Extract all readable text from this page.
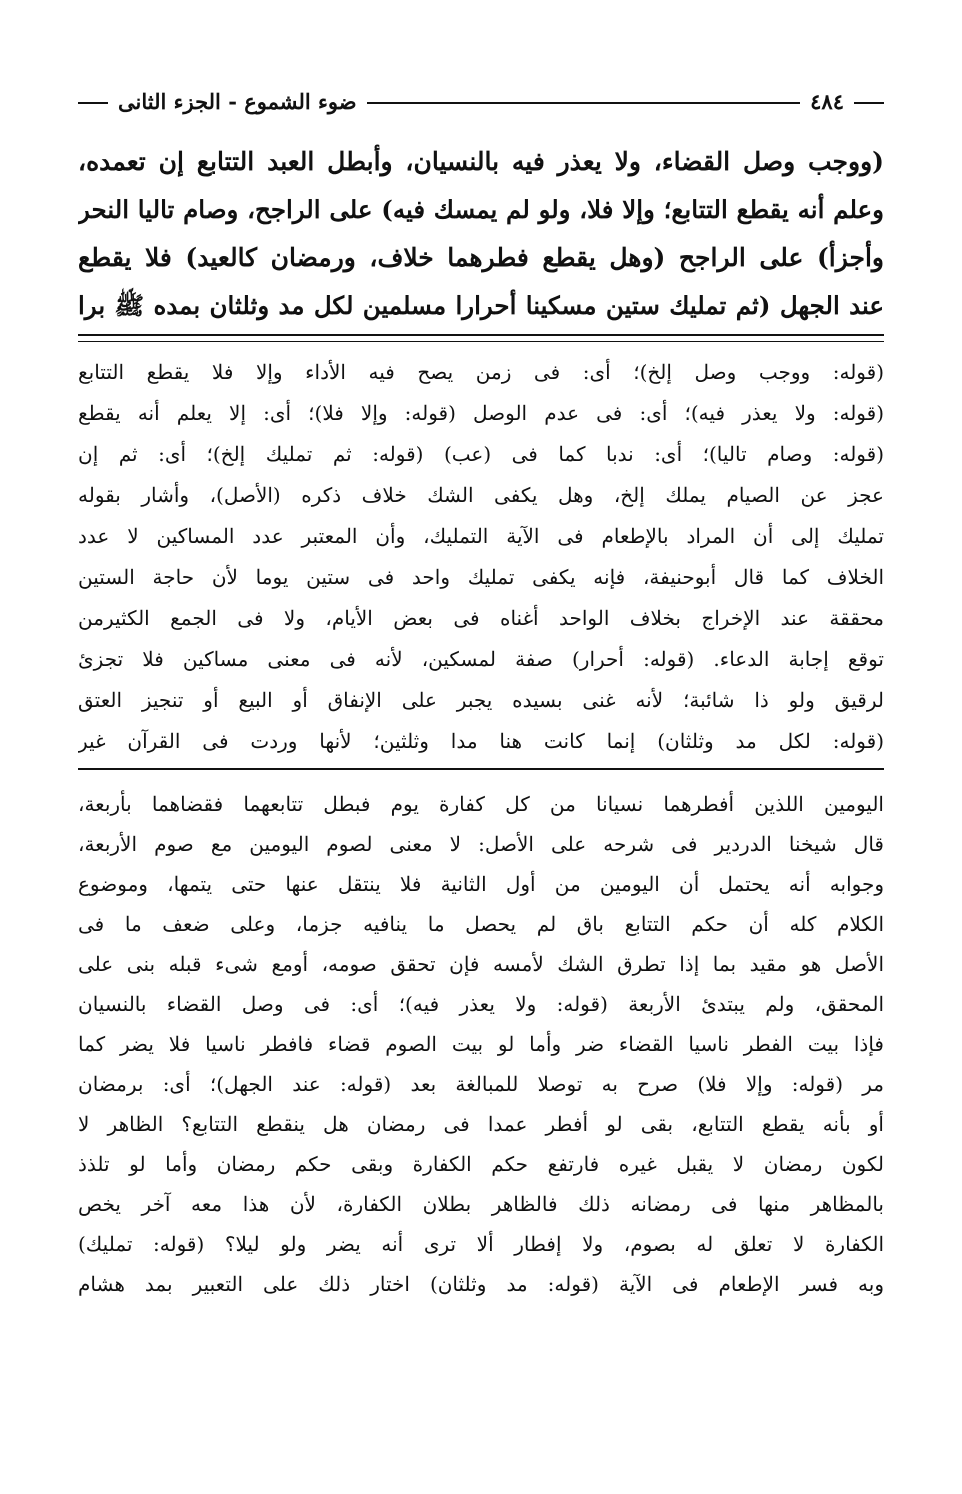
٤٨٤
ضوء الشموع - الجزء الثانى

(ووجب وصل القضاء، ولا يعذر فيه بالنسيان، وأبطل العبد التتابع إن تعمده،

وعلم أنه يقطع التتابع؛ وإلا فلا، ولو لم يمسك فيه) على الراجح، وصام تاليا النحر

وأجزأ) على الراجح (وهل يقطع فطرهما خلاف، ورمضان كالعيد) فلا يقطع

عند الجهل (ثم تمليك ستين مسكينا أحرارا مسلمين لكل مد وثلثان بمده ﷺ برا

(قوله: ووجب وصل إلخ)؛ أى: فى زمن يصح فيه الأداء وإلا فلا يقطع التتابع

(قوله: ولا يعذر فيه)؛ أى: فى عدم الوصل (قوله: وإلا فلا)؛ أى: إلا يعلم أنه يقطع

(قوله: وصام تاليا)؛ أى: ندبا كما فى (عب) (قوله: ثم تمليك إلخ)؛ أى: ثم إن

عجز عن الصيام يملك إلخ، وهل يكفى الشك خلاف ذكره (الأصل)، وأشار بقوله

تمليك إلى أن المراد بالإطعام فى الآية التمليك، وأن المعتبر عدد المساكين لا عدد

الخلاف كما قال أبوحنيفة، فإنه يكفى تمليك واحد فى ستين يوما لأن حاجة الستين

محققة عند الإخراج بخلاف الواحد أغناه فى بعض الأيام، ولا فى الجمع الكثيرمن

توقع إجابة الدعاء. (قوله: أحرار) صفة لمسكين، لأنه فى معنى مساكين فلا تجزئ

لرقيق ولو ذا شائبة؛ لأنه غنى بسيده يجبر على الإنفاق أو البيع أو تنجيز العتق

(قوله: لكل مد وثلثان) إنما كانت هنا مدا وثلثين؛ لأنها وردت فى القرآن غير

اليومين اللذين أفطرهما نسيانا من كل كفارة يوم فبطل تتابعهما فقضاهما بأربعة،

قال شيخنا الدردير فى شرحه على الأصل: لا معنى لصوم اليومين مع صوم الأربعة،

وجوابه أنه يحتمل أن اليومين من أول الثانية فلا ينتقل عنها حتى يتمها، وموضوع

الكلام كله أن حكم التتابع باق لم يحصل ما ينافيه جزما، وعلى ضعف ما فى

الأصل هو مقيد بما إذا تطرق الشك لأمسه فإن تحقق صومه، أومع شىء قبله بنى على

المحقق، ولم يبتدئ الأربعة (قوله: ولا يعذر فيه)؛ أى: فى وصل القضاء بالنسيان

فإذا بيت الفطر ناسيا القضاء ضر وأما لو بيت الصوم قضاء فافطر ناسيا فلا يضر كما

مر (قوله: وإلا فلا) صرح به توصلا للمبالغة بعد (قوله: عند الجهل)؛ أى: برمضان

أو بأنه يقطع التتابع، بقى لو أفطر عمدا فى رمضان هل ينقطع التتابع؟ الظاهر لا

لكون رمضان لا يقبل غيره فارتفع حكم الكفارة وبقى حكم رمضان وأما لو تلذذ

بالمظاهر منها فى رمضانه ذلك فالظاهر بطلان الكفارة، لأن هذا معه آخر يخص

الكفارة لا تعلق له بصوم، ولا إفطار ألا ترى أنه يضر ولو ليلا؟ (قوله: تمليك)

وبه فسر الإطعام فى الآية (قوله: مد وثلثان) اختار ذلك على التعبير بمد هشام
